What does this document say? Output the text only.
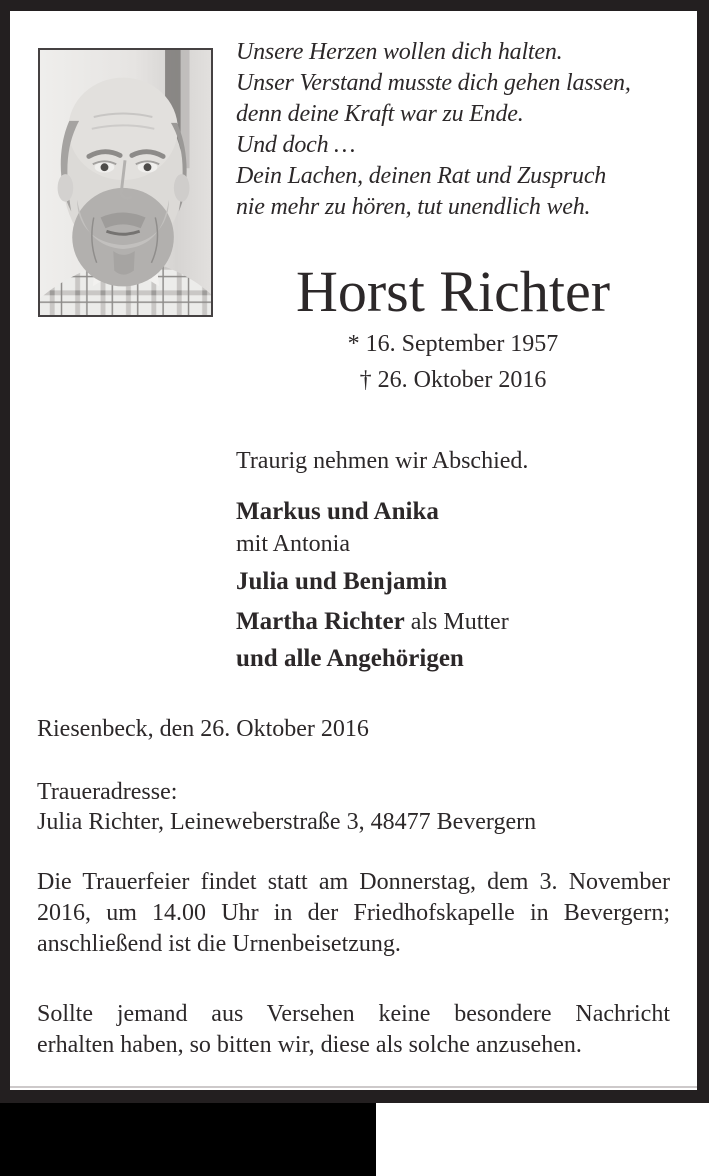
Unsere Herzen wollen dich halten.
Unser Verstand musste dich gehen lassen,
denn deine Kraft war zu Ende.
Und doch …
Dein Lachen, deinen Rat und Zuspruch
nie mehr zu hören, tut unendlich weh.
Horst Richter
* 16. September 1957
† 26. Oktober 2016
Traurig nehmen wir Abschied.
Markus und Anika
mit Antonia
Julia und Benjamin
Martha Richter als Mutter
und alle Angehörigen
Riesenbeck, den 26. Oktober 2016
Traueradresse:
Julia Richter, Leineweberstraße 3, 48477 Bevergern
Die Trauerfeier findet statt am Donnerstag, dem 3. November
2016, um 14.00 Uhr in der Friedhofskapelle in Bevergern;
anschließend ist die Urnenbeisetzung.
Sollte jemand aus Versehen keine besondere Nachricht
erhalten haben, so bitten wir, diese als solche anzusehen.
